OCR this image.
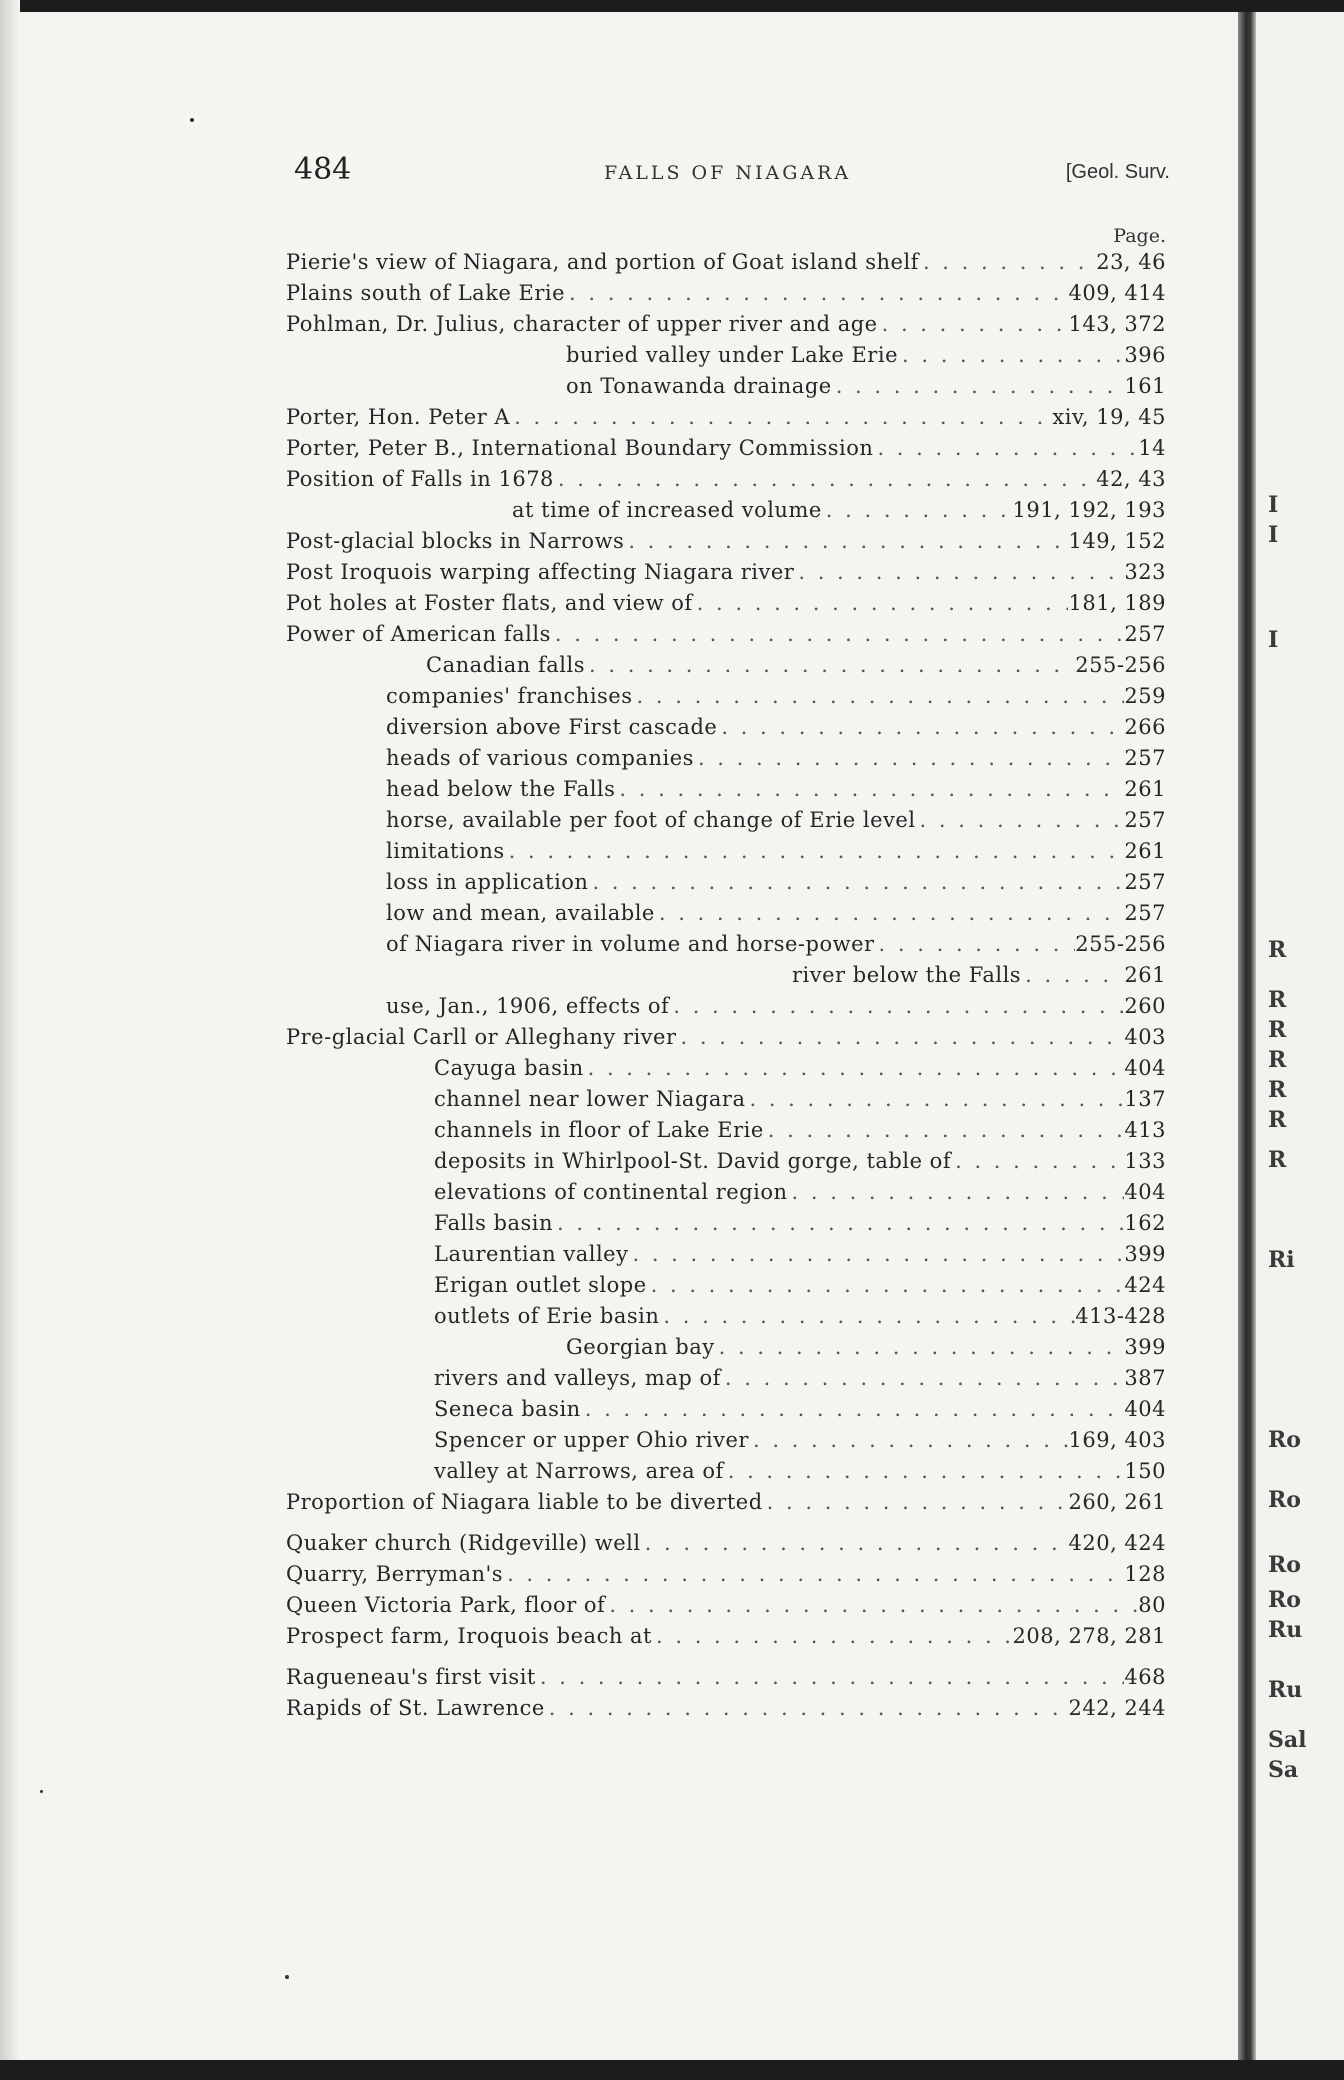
484	FALLS OF NIAGARA	[Geol. Surv.
Page.
Pierie's view of Niagara, and portion of Goat island shelf . . .	23, 46
Plains south of Lake Erie . . .	409, 414
Pohlman, Dr. Julius, character of upper river and age . . .	143, 372
buried valley under Lake Erie . . .	396
on Tonawanda drainage . . .	161
Porter, Hon. Peter A . . .	xiv, 19, 45
Porter, Peter B., International Boundary Commission . . .	14
Position of Falls in 1678 . . .	42, 43
at time of increased volume . . .	191, 192, 193
Post-glacial blocks in Narrows . . .	149, 152
Post Iroquois warping affecting Niagara river . . .	323
Pot holes at Foster flats, and view of . . .	181, 189
Power of American falls . . .	257
Canadian falls . . .	255-256
companies' franchises . . .	259
diversion above First cascade . . .	266
heads of various companies . . .	257
head below the Falls . . .	261
horse, available per foot of change of Erie level . . .	257
limitations . . .	261
loss in application . . .	257
low and mean, available . . .	257
of Niagara river in volume and horse-power . . .	255-256
river below the Falls . . .	261
use, Jan., 1906, effects of . . .	260
Pre-glacial Carll or Alleghany river . . .	403
Cayuga basin . . .	404
channel near lower Niagara . . .	137
channels in floor of Lake Erie . . .	413
deposits in Whirlpool-St. David gorge, table of . . .	133
elevations of continental region . . .	404
Falls basin . . .	162
Laurentian valley . . .	399
Erigan outlet slope . . .	424
outlets of Erie basin . . .	413-428
Georgian bay . . .	399
rivers and valleys, map of . . .	387
Seneca basin . . .	404
Spencer or upper Ohio river . . .	169, 403
valley at Narrows, area of . . .	150
Proportion of Niagara liable to be diverted . . .	260, 261
Quaker church (Ridgeville) well . . .	420, 424
Quarry, Berryman's . . .	128
Queen Victoria Park, floor of . . .	80
Prospect farm, Iroquois beach at . . .	208, 278, 281
Ragueneau's first visit . . .	468
Rapids of St. Lawrence . . .	242, 244
I
I
I
R
R
R
R
R
R
R
Ri
Ro
Ro
Ro
Ro
Ru
Ru
Sal
Sa
